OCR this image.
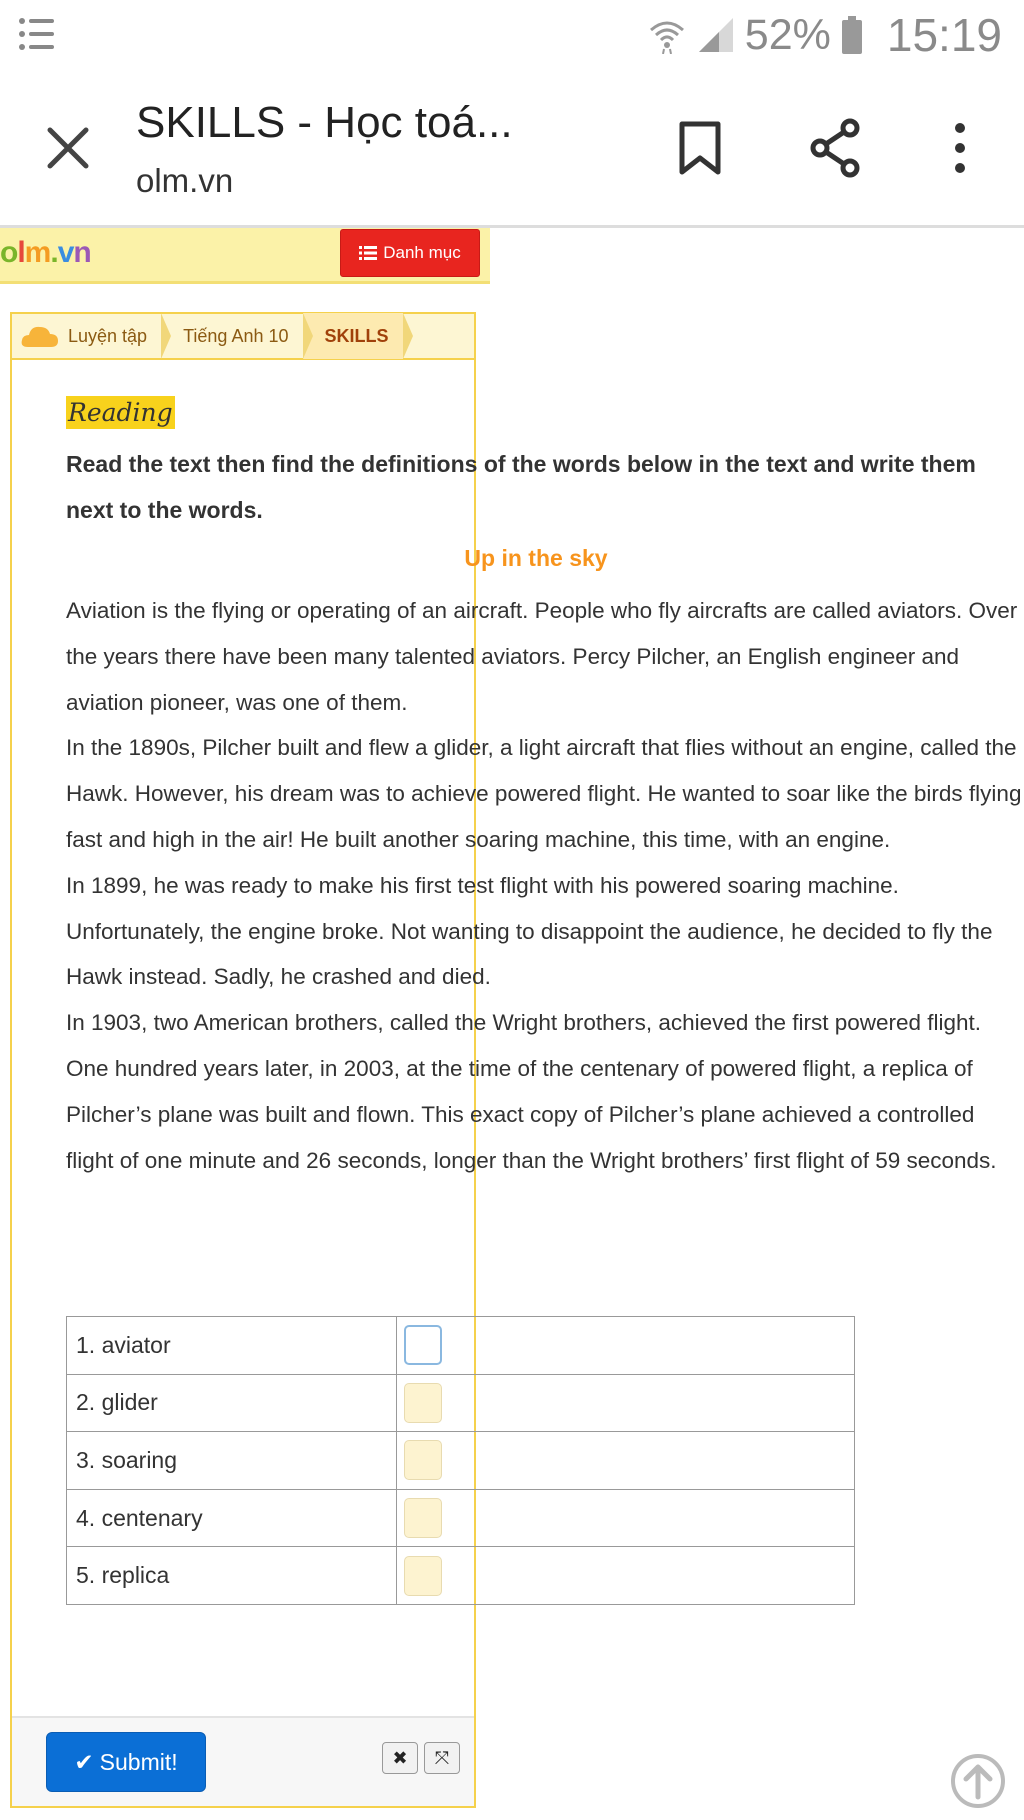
52% 15:19
SKILLS - Học toá...
olm.vn
olm.vn	Danh mục
Luyện tập Tiếng Anh 10 SKILLS
✔ Submit!	✖	⤧
Reading
Read the text then find the definitions of the words below in the text and write them next to the words.
Up in the sky

Aviation is the flying or operating of an aircraft. People who fly aircrafts are called aviators. Over the years there have been many talented aviators. Percy Pilcher, an English engineer and aviation pioneer, was one of them.

In the 1890s, Pilcher built and flew a glider, a light aircraft that flies without an engine, called the Hawk. However, his dream was to achieve powered flight. He wanted to soar like the birds flying fast and high in the air! He built another soaring machine, this time, with an engine.

In 1899, he was ready to make his first test flight with his powered soaring machine. Unfortunately, the engine broke. Not wanting to disappoint the audience, he decided to fly the Hawk instead. Sadly, he crashed and died.

In 1903, two American brothers, called the Wright brothers, achieved the first powered flight. One hundred years later, in 2003, at the time of the centenary of powered flight, a replica of Pilcher’s plane was built and flown. This exact copy of Pilcher’s plane achieved a controlled flight of one minute and 26 seconds, longer than the Wright brothers’ first flight of 59 seconds.

1. aviator	

2. glider	

3. soaring	

4. centenary	

5. replica	
